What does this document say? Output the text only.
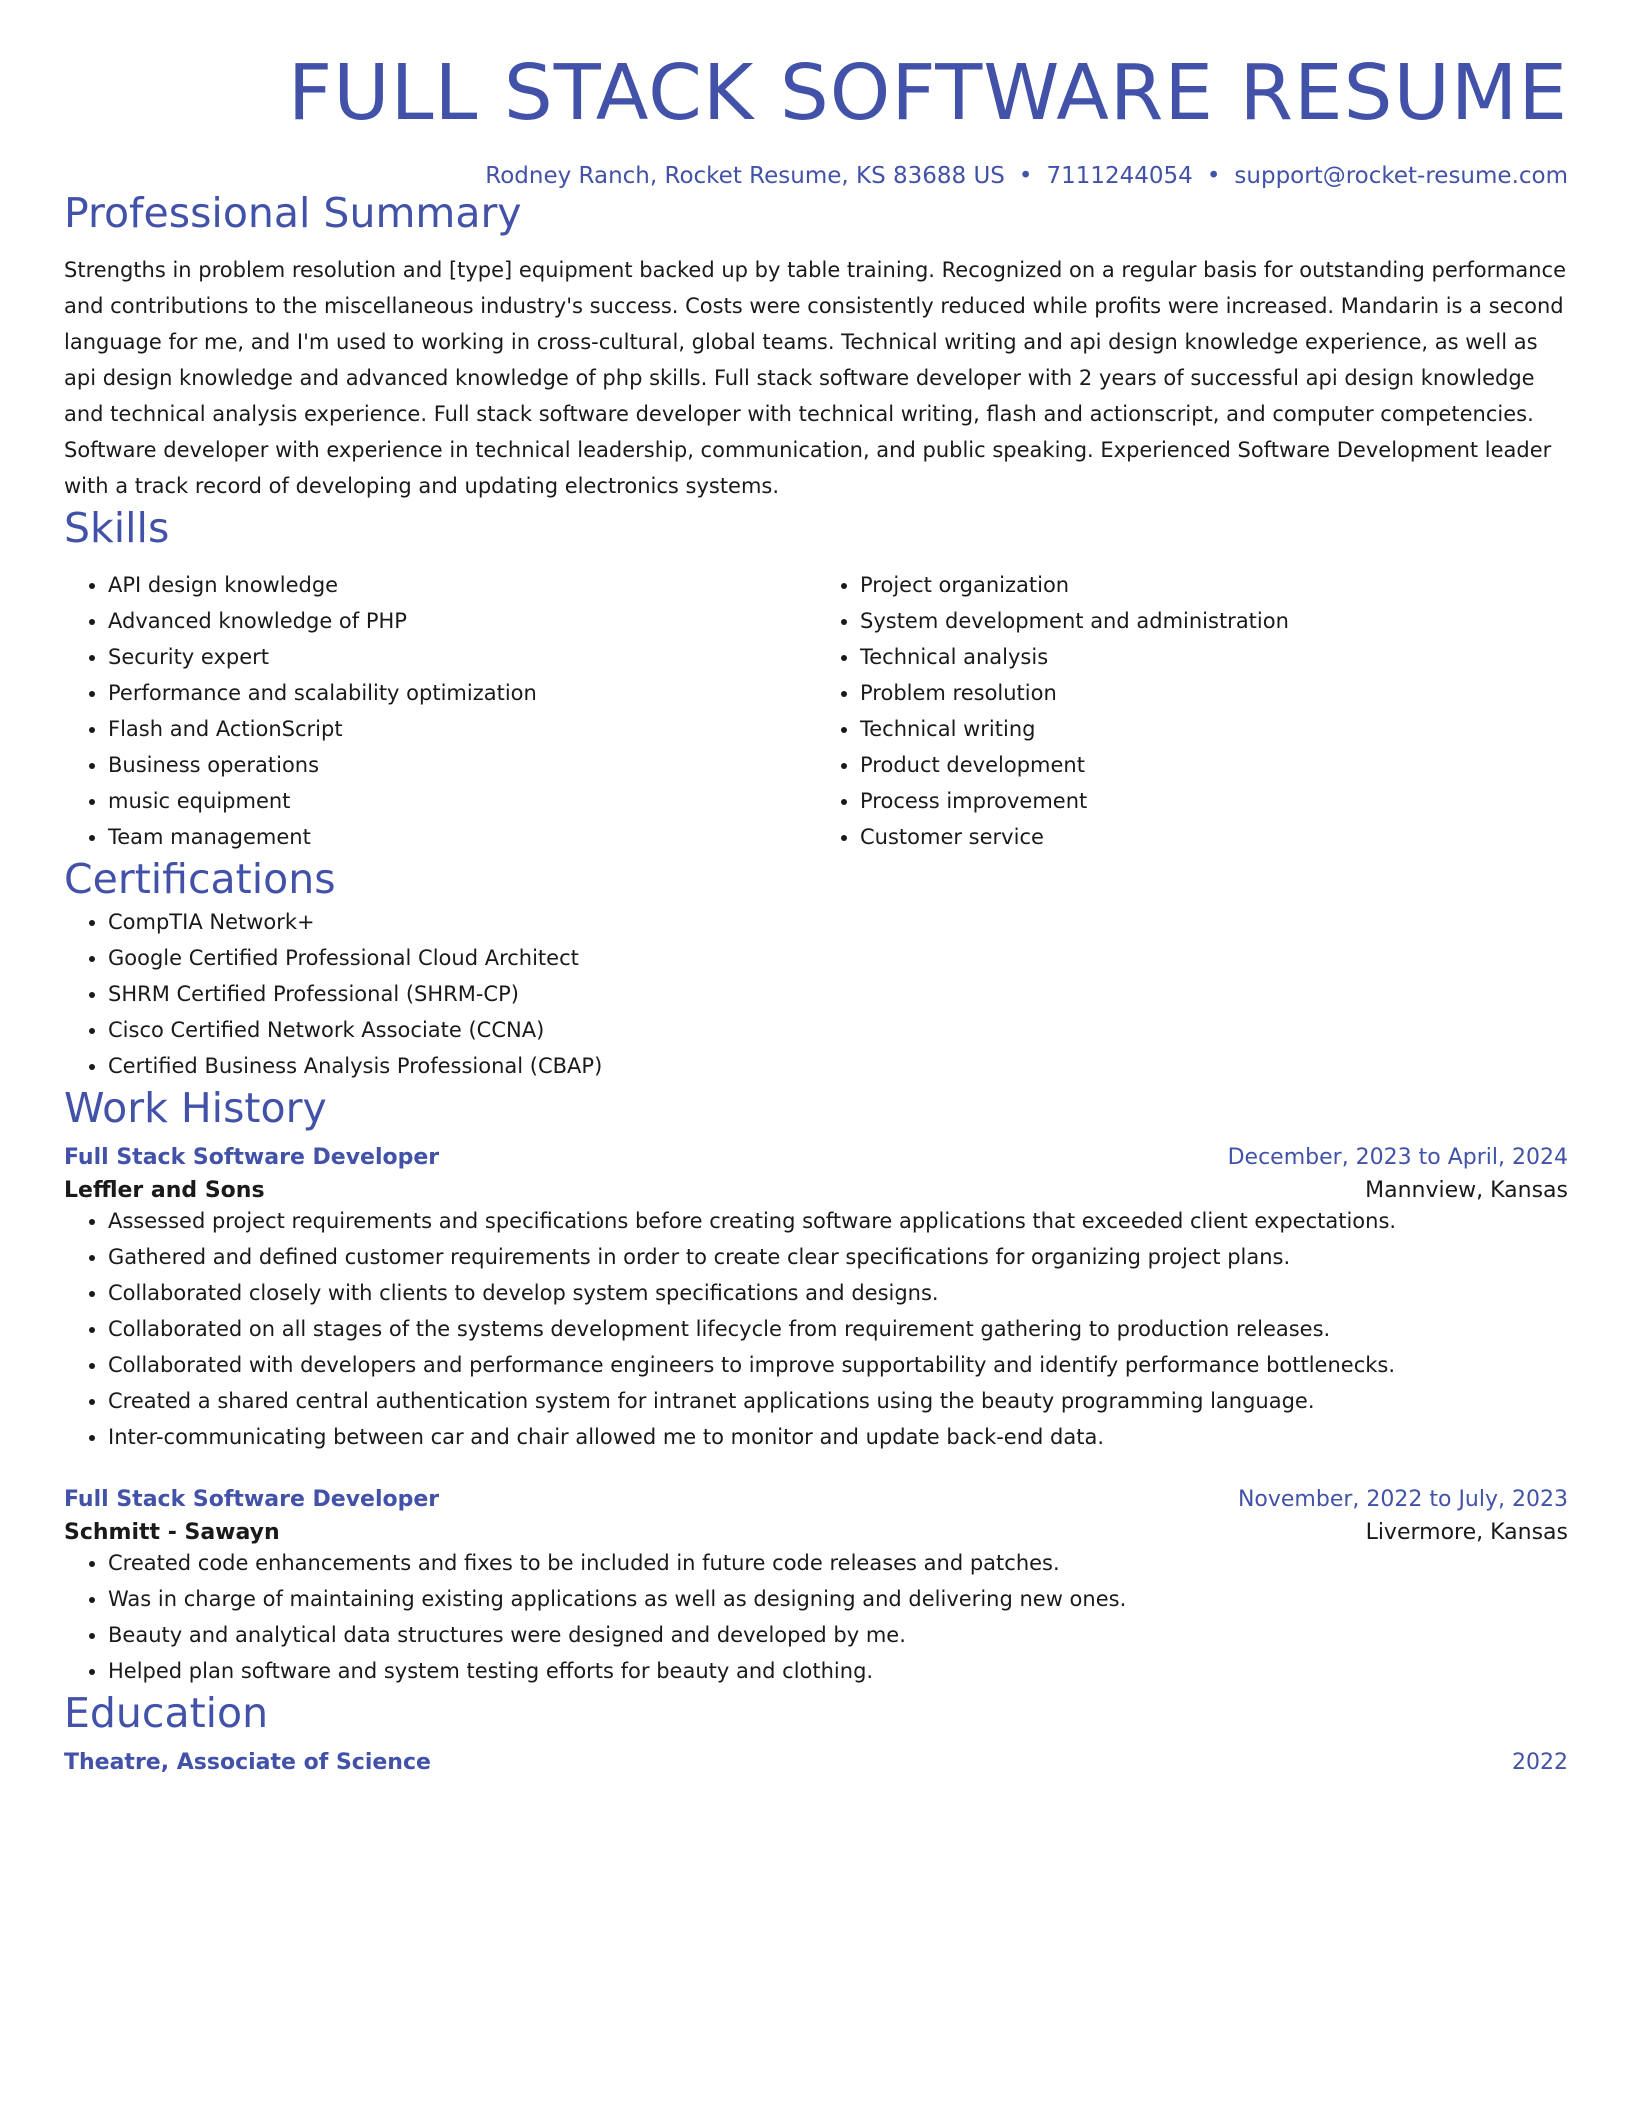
FULL STACK SOFTWARE RESUME
Rodney Ranch, Rocket Resume, KS 83688 US • 7111244054 • support@rocket-resume.com
Professional Summary

Strengths in problem resolution and [type] equipment backed up by table training. Recognized on a regular basis for outstanding performance and contributions to the miscellaneous industry's success. Costs were consistently reduced while profits were increased. Mandarin is a second language for me, and I'm used to working in cross-cultural, global teams. Technical writing and api design knowledge experience, as well as api design knowledge and advanced knowledge of php skills. Full stack software developer with 2 years of successful api design knowledge and technical analysis experience. Full stack software developer with technical writing, flash and actionscript, and computer competencies. Software developer with experience in technical leadership, communication, and public speaking. Experienced Software Development leader with a track record of developing and updating electronics systems.

Skills
• API design knowledge
• Advanced knowledge of PHP
• Security expert
• Performance and scalability optimization
• Flash and ActionScript
• Business operations
• music equipment
• Team management
• Project organization
• System development and administration
• Technical analysis
• Problem resolution
• Technical writing
• Product development
• Process improvement
• Customer service
Certifications
• CompTIA Network+
• Google Certified Professional Cloud Architect
• SHRM Certified Professional (SHRM-CP)
• Cisco Certified Network Associate (CCNA)
• Certified Business Analysis Professional (CBAP)
Work History
Full Stack Software Developer	December, 2023 to April, 2024
Leffler and Sons	Mannview, Kansas
• Assessed project requirements and specifications before creating software applications that exceeded client expectations.
• Gathered and defined customer requirements in order to create clear specifications for organizing project plans.
• Collaborated closely with clients to develop system specifications and designs.
• Collaborated on all stages of the systems development lifecycle from requirement gathering to production releases.
• Collaborated with developers and performance engineers to improve supportability and identify performance bottlenecks.
• Created a shared central authentication system for intranet applications using the beauty programming language.
• Inter-communicating between car and chair allowed me to monitor and update back-end data.
Full Stack Software Developer	November, 2022 to July, 2023
Schmitt - Sawayn	Livermore, Kansas
• Created code enhancements and fixes to be included in future code releases and patches.
• Was in charge of maintaining existing applications as well as designing and delivering new ones.
• Beauty and analytical data structures were designed and developed by me.
• Helped plan software and system testing efforts for beauty and clothing.
Education
Theatre, Associate of Science	2022
